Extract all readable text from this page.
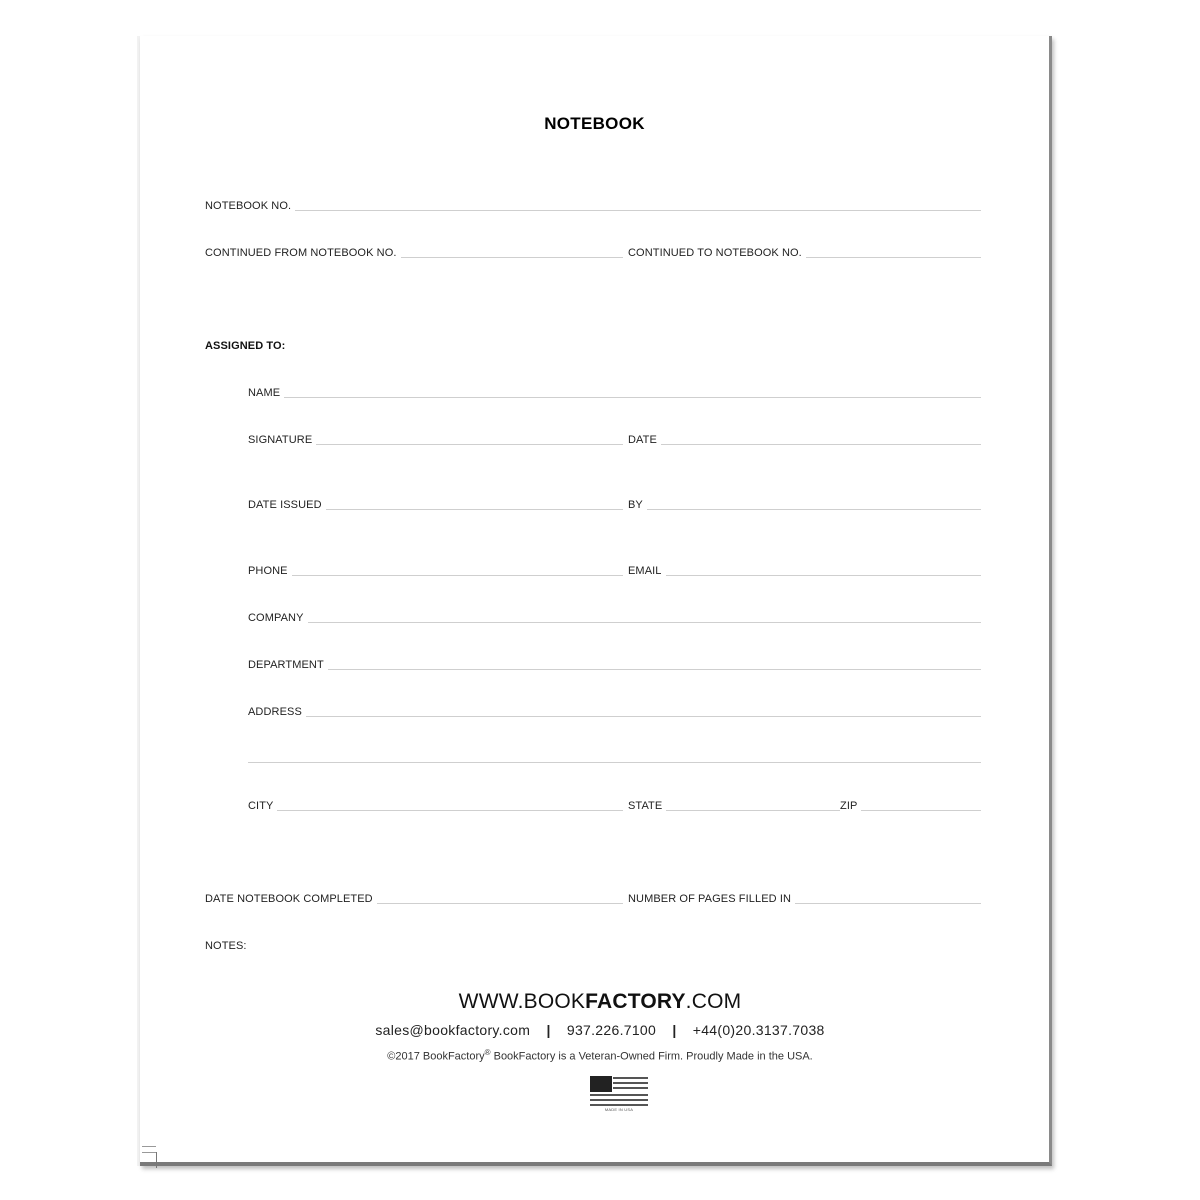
NOTEBOOK
NOTEBOOK NO.
CONTINUED FROM NOTEBOOK NO.	CONTINUED TO NOTEBOOK NO.
ASSIGNED TO:
NAME
SIGNATURE	DATE
DATE ISSUED	BY
PHONE	EMAIL
COMPANY
DEPARTMENT
ADDRESS
CITY	STATE	ZIP
DATE NOTEBOOK COMPLETED	NUMBER OF PAGES FILLED IN
NOTES:
WWW.BOOKFACTORY.COM
sales@bookfactory.com | 937.226.7100 | +44(0)20.3137.7038
©2017 BookFactory® BookFactory is a Veteran-Owned Firm. Proudly Made in the USA.
MADE IN USA
